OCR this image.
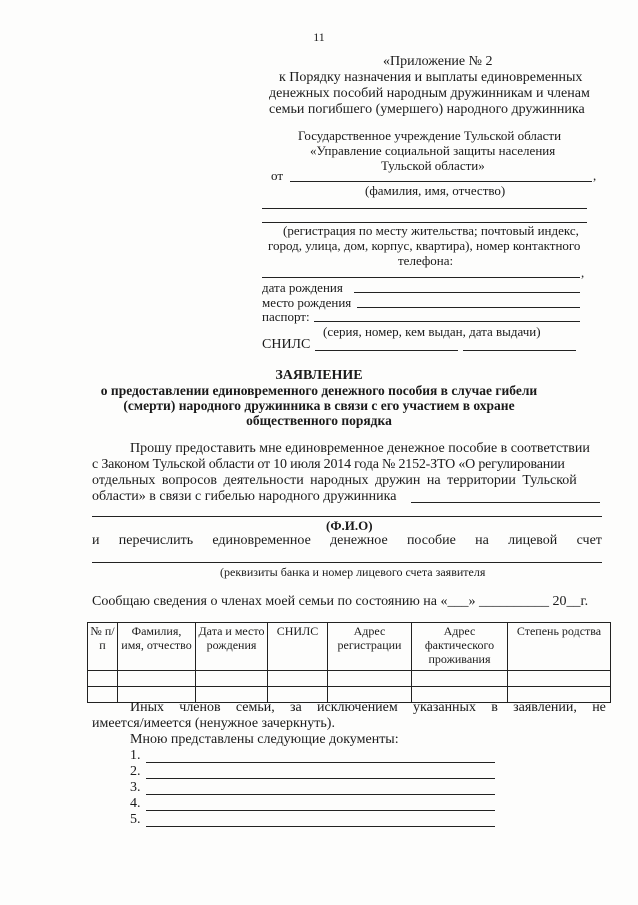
11
«Приложение № 2
к Порядку назначения и выплаты единовременных
денежных пособий народным дружинникам и членам
семьи погибшего (умершего) народного дружинника
Государственное учреждение Тульской области
«Управление социальной защиты населения
Тульской области»
от	,
(фамилия, имя, отчество)
(регистрация по месту жительства; почтовый индекс,
город, улица, дом, корпус, квартира), номер контактного
телефона:
,
дата рождения
место рождения
паспорт:
(серия, номер, кем выдан, дата выдачи)
СНИЛС
ЗАЯВЛЕНИЕ
о предоставлении единовременного денежного пособия в случае гибели
(смерти) народного дружинника в связи с его участием в охране
общественного порядка
Прошу предоставить мне единовременное денежное пособие в соответствии
с Законом Тульской области от 10 июля 2014 года № 2152-ЗТО «О регулировании
отдельных вопросов деятельности народных дружин на территории Тульской
области» в связи с гибелью народного дружинника
(Ф.И.О)
и перечислить единовременное денежное пособие на лицевой счет
(реквизиты банка и номер лицевого счета заявителя
Сообщаю сведения о членах моей семьи по состоянию на «___» __________ 20__г.
№ п/п	Фамилия, имя, отчество	Дата и место рождения	СНИЛС	Адрес регистрации	Адрес фактического проживания	Степень родства

Иных членов семьи, за исключением указанных в заявлении, не
имеется/имеется (ненужное зачеркнуть).
Мною представлены следующие документы:
1.
2.
3.
4.
5.
